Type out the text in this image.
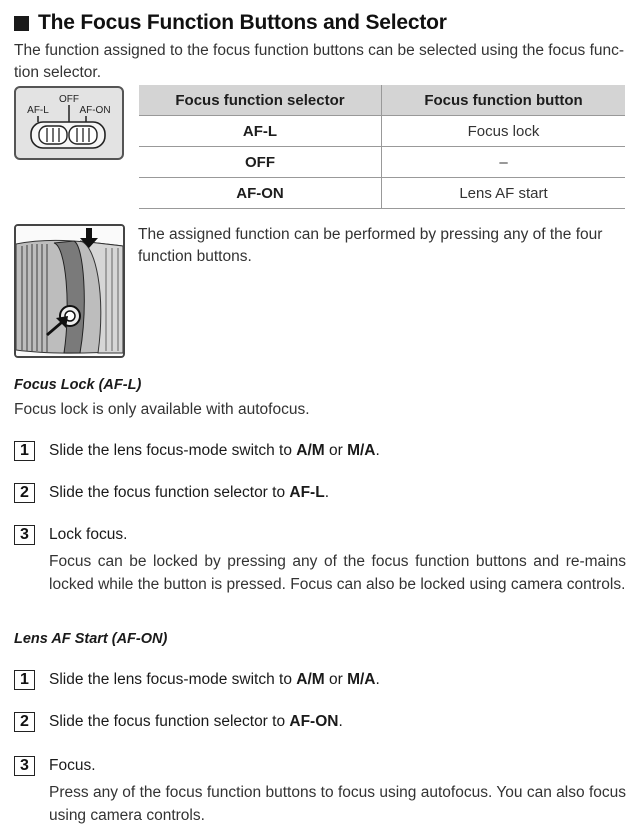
The Focus Function Buttons and Selector
The function assigned to the focus function buttons can be selected using the focus func-tion selector.
OFF
AF-L	AF-ON
Focus function selector	Focus function button
AF-L	Focus lock
OFF	–
AF-ON	Lens AF start
The assigned function can be performed by pressing any of the four function buttons.
Focus Lock (AF-L)
Focus lock is only available with autofocus.
1	Slide the lens focus-mode switch to A/M or M/A.
2	Slide the focus function selector to AF-L.
3	Lock focus.
Focus can be locked by pressing any of the focus function buttons and re-mains locked while the button is pressed. Focus can also be locked using camera controls.
Lens AF Start (AF-ON)
1	Slide the lens focus-mode switch to A/M or M/A.
2	Slide the focus function selector to AF-ON.
3	Focus.
Press any of the focus function buttons to focus using autofocus. You can also focus using camera controls.
